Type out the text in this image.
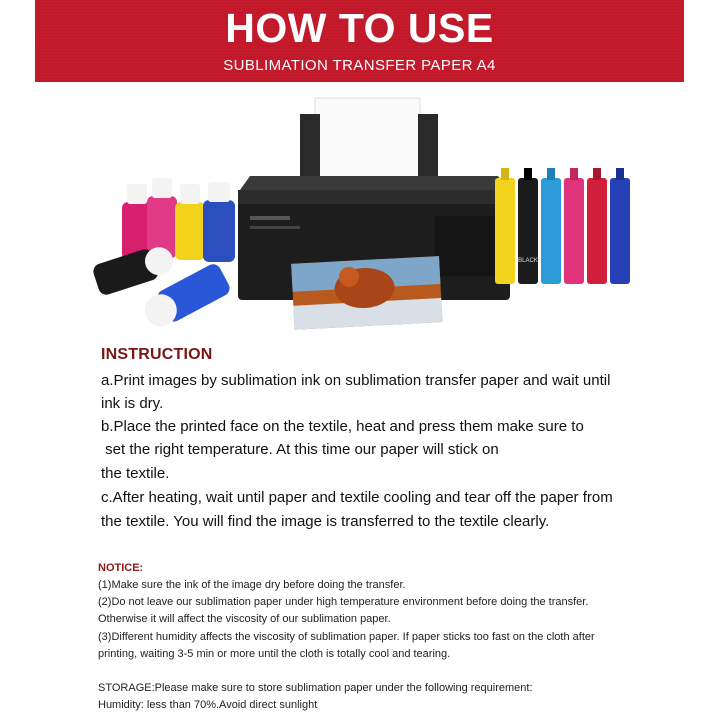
HOW TO USE
SUBLIMATION TRANSFER PAPER A4
BLACK
INSTRUCTION
a.Print images by sublimation ink on sublimation transfer paper and wait until
ink is dry.
b.Place the printed face on the textile, heat and press them make sure to
set the right temperature. At this time our paper will stick on
the textile.
c.After heating, wait until paper and textile cooling and tear off the paper from
the textile. You will find the image is transferred to the textile clearly.
NOTICE:
(1)Make sure the ink of the image dry before doing the transfer.
(2)Do not leave our sublimation paper under high temperature environment before doing the transfer.
Otherwise it will affect the viscosity of our sublimation paper.
(3)Different humidity affects the viscosity of sublimation paper. If paper sticks too fast on the cloth after
printing, waiting 3-5 min or more until the cloth is totally cool and tearing.
STORAGE:Please make sure to store sublimation paper under the following requirement:
Humidity: less than 70%.Avoid direct sunlight
